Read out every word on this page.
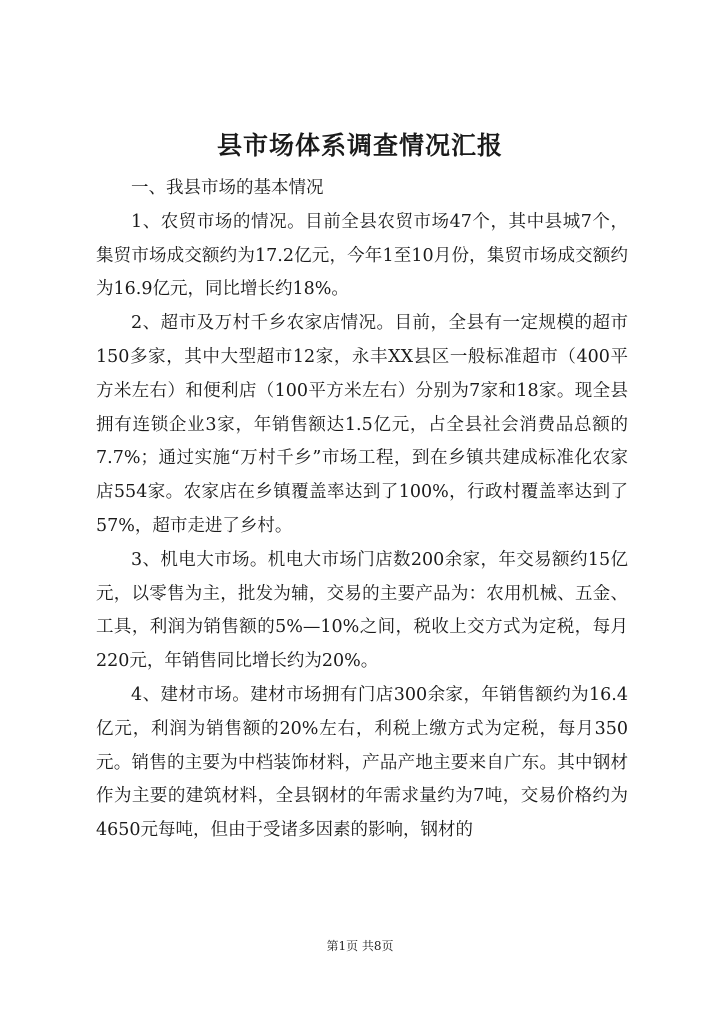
县市场体系调查情况汇报

一、我县市场的基本情况

1、农贸市场的情况。目前全县农贸市场47个，其中县城7个，集贸市场成交额约为17.2亿元，今年1至10月份，集贸市场成交额约为16.9亿元，同比增长约18%。

2、超市及万村千乡农家店情况。目前，全县有一定规模的超市150多家，其中大型超市12家，永丰XX县区一般标准超市（400平方米左右）和便利店（100平方米左右）分别为7家和18家。现全县拥有连锁企业3家，年销售额达1.5亿元，占全县社会消费品总额的7.7%；通过实施“万村千乡”市场工程，到在乡镇共建成标准化农家店554家。农家店在乡镇覆盖率达到了100%，行政村覆盖率达到了57%，超市走进了乡村。

3、机电大市场。机电大市场门店数200余家，年交易额约15亿元，以零售为主，批发为辅，交易的主要产品为：农用机械、五金、工具，利润为销售额的5%—10%之间，税收上交方式为定税，每月220元，年销售同比增长约为20%。

4、建材市场。建材市场拥有门店300余家，年销售额约为16.4亿元，利润为销售额的20%左右，利税上缴方式为定税，每月350元。销售的主要为中档装饰材料，产品产地主要来自广东。其中钢材作为主要的建筑材料，全县钢材的年需求量约为7吨，交易价格约为4650元每吨，但由于受诸多因素的影响，钢材的

第1页 共8页
